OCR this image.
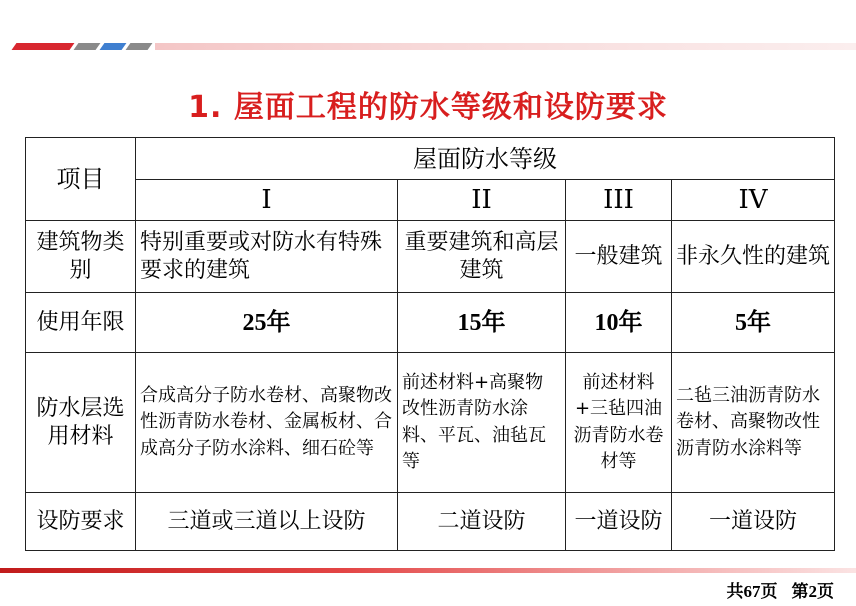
1. 屋面工程的防水等级和设防要求
项目	屋面防水等级			
	I	II	III	IV
建筑物类别	特别重要或对防水有特殊要求的建筑	重要建筑和高层建筑	一般建筑	非永久性的建筑
使用年限	25年	15年	10年	5年
防水层选用材料	合成高分子防水卷材、高聚物改性沥青防水卷材、金属板材、合成高分子防水涂料、细石砼等	前述材料+高聚物改性沥青防水涂料、平瓦、油毡瓦等	前述材料+三毡四油沥青防水卷材等	二毡三油沥青防水卷材、高聚物改性沥青防水涂料等
设防要求	三道或三道以上设防	二道设防	一道设防	一道设防
共67页 第2页
